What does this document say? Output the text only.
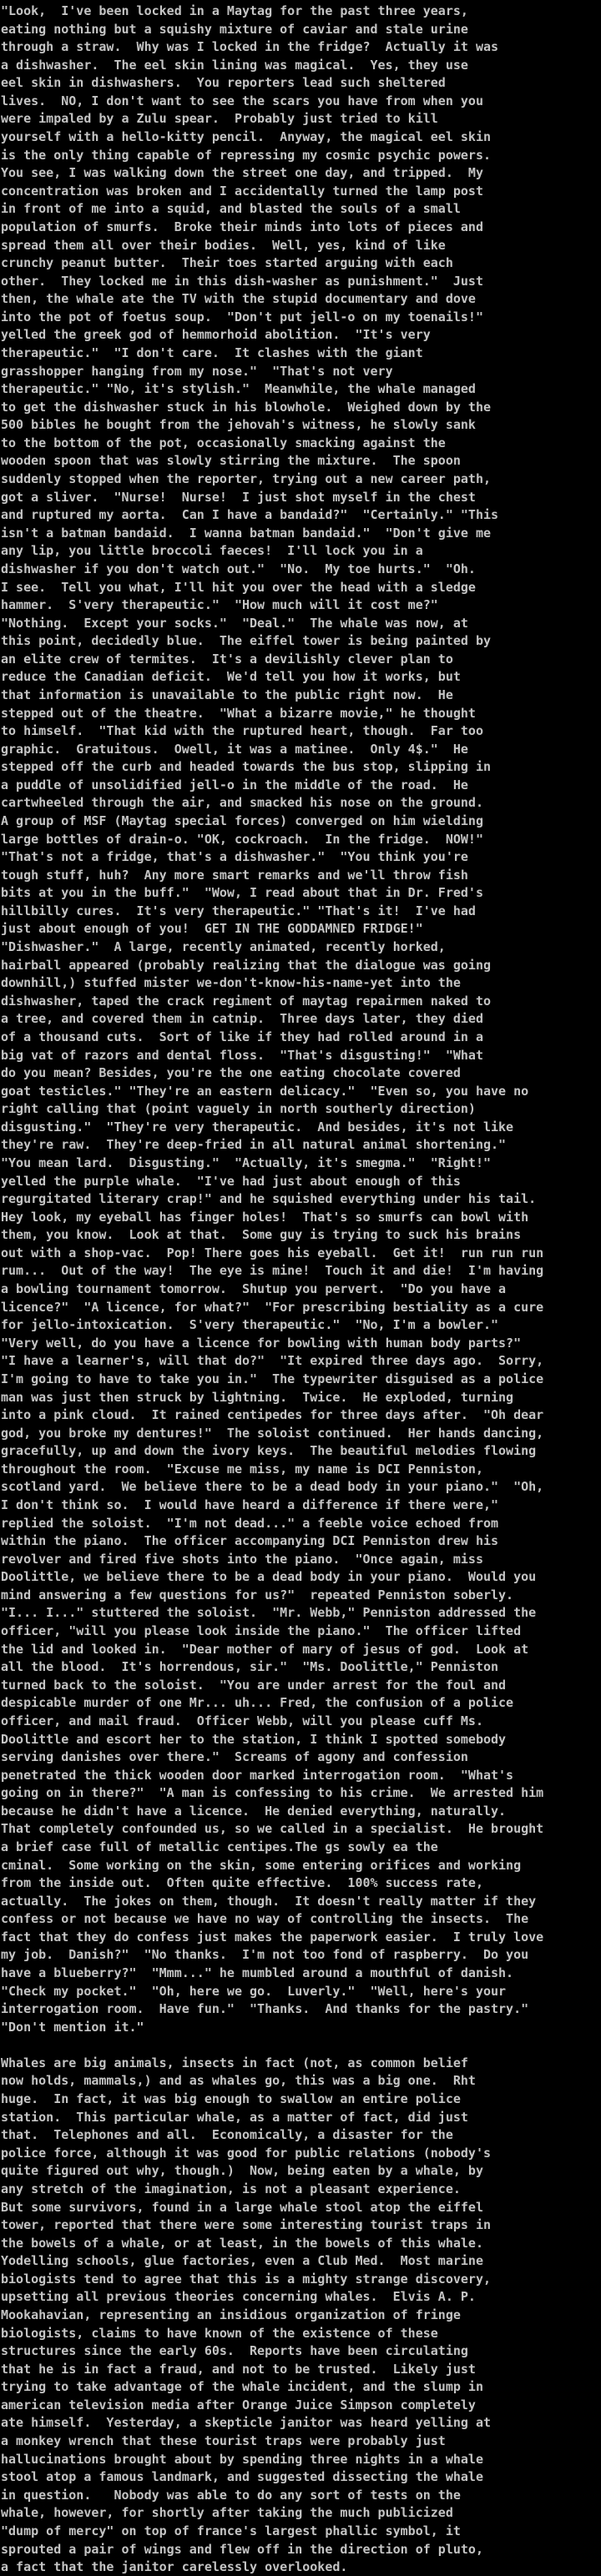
"Look,  I've been locked in a Maytag for the past three years,
eating nothing but a squishy mixture of caviar and stale urine
through a straw.  Why was I locked in the fridge?  Actually it was
a dishwasher.  The eel skin lining was magical.  Yes, they use
eel skin in dishwashers.  You reporters lead such sheltered
lives.  NO, I don't want to see the scars you have from when you
were impaled by a Zulu spear.  Probably just tried to kill
yourself with a hello-kitty pencil.  Anyway, the magical eel skin
is the only thing capable of repressing my cosmic psychic powers.
You see, I was walking down the street one day, and tripped.  My
concentration was broken and I accidentally turned the lamp post
in front of me into a squid, and blasted the souls of a small
population of smurfs.  Broke their minds into lots of pieces and
spread them all over their bodies.  Well, yes, kind of like
crunchy peanut butter.  Their toes started arguing with each
other.  They locked me in this dish-washer as punishment."  Just
then, the whale ate the TV with the stupid documentary and dove
into the pot of foetus soup.  "Don't put jell-o on my toenails!"
yelled the greek god of hemmorhoid abolition.  "It's very
therapeutic."  "I don't care.  It clashes with the giant
grasshopper hanging from my nose."  "That's not very
therapeutic." "No, it's stylish."  Meanwhile, the whale managed
to get the dishwasher stuck in his blowhole.  Weighed down by the
500 bibles he bought from the jehovah's witness, he slowly sank
to the bottom of the pot, occasionally smacking against the
wooden spoon that was slowly stirring the mixture.  The spoon
suddenly stopped when the reporter, trying out a new career path,
got a sliver.  "Nurse!  Nurse!  I just shot myself in the chest
and ruptured my aorta.  Can I have a bandaid?"  "Certainly." "This
isn't a batman bandaid.  I wanna batman bandaid."  "Don't give me
any lip, you little broccoli faeces!  I'll lock you in a
dishwasher if you don't watch out."  "No.  My toe hurts."  "Oh.
I see.  Tell you what, I'll hit you over the head with a sledge
hammer.  S'very therapeutic."  "How much will it cost me?"
"Nothing.  Except your socks."  "Deal."  The whale was now, at
this point, decidedly blue.  The eiffel tower is being painted by
an elite crew of termites.  It's a devilishly clever plan to
reduce the Canadian deficit.  We'd tell you how it works, but
that information is unavailable to the public right now.  He
stepped out of the theatre.  "What a bizarre movie," he thought
to himself.  "That kid with the ruptured heart, though.  Far too
graphic.  Gratuitous.  Owell, it was a matinee.  Only 4$."  He
stepped off the curb and headed towards the bus stop, slipping in
a puddle of unsolidified jell-o in the middle of the road.  He
cartwheeled through the air, and smacked his nose on the ground.
A group of MSF (Maytag special forces) converged on him wielding
large bottles of drain-o. "OK, cockroach.  In the fridge.  NOW!"
"That's not a fridge, that's a dishwasher."  "You think you're
tough stuff, huh?  Any more smart remarks and we'll throw fish
bits at you in the buff."  "Wow, I read about that in Dr. Fred's
hillbilly cures.  It's very therapeutic." "That's it!  I've had
just about enough of you!  GET IN THE GODDAMNED FRIDGE!"
"Dishwasher."  A large, recently animated, recently horked,
hairball appeared (probably realizing that the dialogue was going
downhill,) stuffed mister we-don't-know-his-name-yet into the
dishwasher, taped the crack regiment of maytag repairmen naked to
a tree, and covered them in catnip.  Three days later, they died
of a thousand cuts.  Sort of like if they had rolled around in a
big vat of razors and dental floss.  "That's disgusting!"  "What
do you mean? Besides, you're the one eating chocolate covered
goat testicles." "They're an eastern delicacy."  "Even so, you have no
right calling that (point vaguely in north southerly direction)
disgusting."  "They're very therapeutic.  And besides, it's not like
they're raw.  They're deep-fried in all natural animal shortening."
"You mean lard.  Disgusting."  "Actually, it's smegma."  "Right!"
yelled the purple whale.  "I've had just about enough of this
regurgitated literary crap!" and he squished everything under his tail.
Hey look, my eyeball has finger holes!  That's so smurfs can bowl with
them, you know.  Look at that.  Some guy is trying to suck his brains
out with a shop-vac.  Pop! There goes his eyeball.  Get it!  run run run
rum...  Out of the way!  The eye is mine!  Touch it and die!  I'm having
a bowling tournament tomorrow.  Shutup you pervert.  "Do you have a
licence?"  "A licence, for what?"  "For prescribing bestiality as a cure
for jello-intoxication.  S'very therapeutic."  "No, I'm a bowler."
"Very well, do you have a licence for bowling with human body parts?"
"I have a learner's, will that do?"  "It expired three days ago.  Sorry,
I'm going to have to take you in."  The typewriter disguised as a police
man was just then struck by lightning.  Twice.  He exploded, turning
into a pink cloud.  It rained centipedes for three days after.  "Oh dear
god, you broke my dentures!"  The soloist continued.  Her hands dancing,
gracefully, up and down the ivory keys.  The beautiful melodies flowing
throughout the room.  "Excuse me miss, my name is DCI Penniston,
scotland yard.  We believe there to be a dead body in your piano."  "Oh,
I don't think so.  I would have heard a difference if there were,"
replied the soloist.  "I'm not dead..." a feeble voice echoed from
within the piano.  The officer accompanying DCI Penniston drew his
revolver and fired five shots into the piano.  "Once again, miss
Doolittle, we believe there to be a dead body in your piano.  Would you
mind answering a few questions for us?"  repeated Penniston soberly.
"I... I..." stuttered the soloist.  "Mr. Webb," Penniston addressed the
officer, "will you please look inside the piano."  The officer lifted
the lid and looked in.  "Dear mother of mary of jesus of god.  Look at
all the blood.  It's horrendous, sir."  "Ms. Doolittle," Penniston
turned back to the soloist.  "You are under arrest for the foul and
despicable murder of one Mr... uh... Fred, the confusion of a police
officer, and mail fraud.  Officer Webb, will you please cuff Ms.
Doolittle and escort her to the station, I think I spotted somebody
serving danishes over there."  Screams of agony and confession
penetrated the thick wooden door marked interrogation room.  "What's
going on in there?"  "A man is confessing to his crime.  We arrested him
because he didn't have a licence.  He denied everything, naturally.
That completely confounded us, so we called in a specialist.  He brought
a brief case full of metallic centipes.The gs sowly ea the
cminal.  Some working on the skin, some entering orifices and working
from the inside out.  Often quite effective.  100% success rate,
actually.  The jokes on them, though.  It doesn't really matter if they
confess or not because we have no way of controlling the insects.  The
fact that they do confess just makes the paperwork easier.  I truly love
my job.  Danish?"  "No thanks.  I'm not too fond of raspberry.  Do you
have a blueberry?"  "Mmm..." he mumbled around a mouthful of danish.
"Check my pocket."  "Oh, here we go.  Luverly."  "Well, here's your
interrogation room.  Have fun."  "Thanks.  And thanks for the pastry."
"Don't mention it."
Whales are big animals, insects in fact (not, as common belief
now holds, mammals,) and as whales go, this was a big one.  Rht
huge.  In fact, it was big enough to swallow an entire police
station.  This particular whale, as a matter of fact, did just
that.  Telephones and all.  Economically, a disaster for the
police force, although it was good for public relations (nobody's
quite figured out why, though.)  Now, being eaten by a whale, by
any stretch of the imagination, is not a pleasant experience.
But some survivors, found in a large whale stool atop the eiffel
tower, reported that there were some interesting tourist traps in
the bowels of a whale, or at least, in the bowels of this whale.
Yodelling schools, glue factories, even a Club Med.  Most marine
biologists tend to agree that this is a mighty strange discovery,
upsetting all previous theories concerning whales.  Elvis A. P.
Mookahavian, representing an insidious organization of fringe
biologists, claims to have known of the existence of these
structures since the early 60s.  Reports have been circulating
that he is in fact a fraud, and not to be trusted.  Likely just
trying to take advantage of the whale incident, and the slump in
american television media after Orange Juice Simpson completely
ate himself.  Yesterday, a skepticle janitor was heard yelling at
a monkey wrench that these tourist traps were probably just
hallucinations brought about by spending three nights in a whale
stool atop a famous landmark, and suggested dissecting the whale
in question.   Nobody was able to do any sort of tests on the
whale, however, for shortly after taking the much publicized
"dump of mercy" on top of france's largest phallic symbol, it
sprouted a pair of wings and flew off in the direction of pluto,
a fact that the janitor carelessly overlooked.
